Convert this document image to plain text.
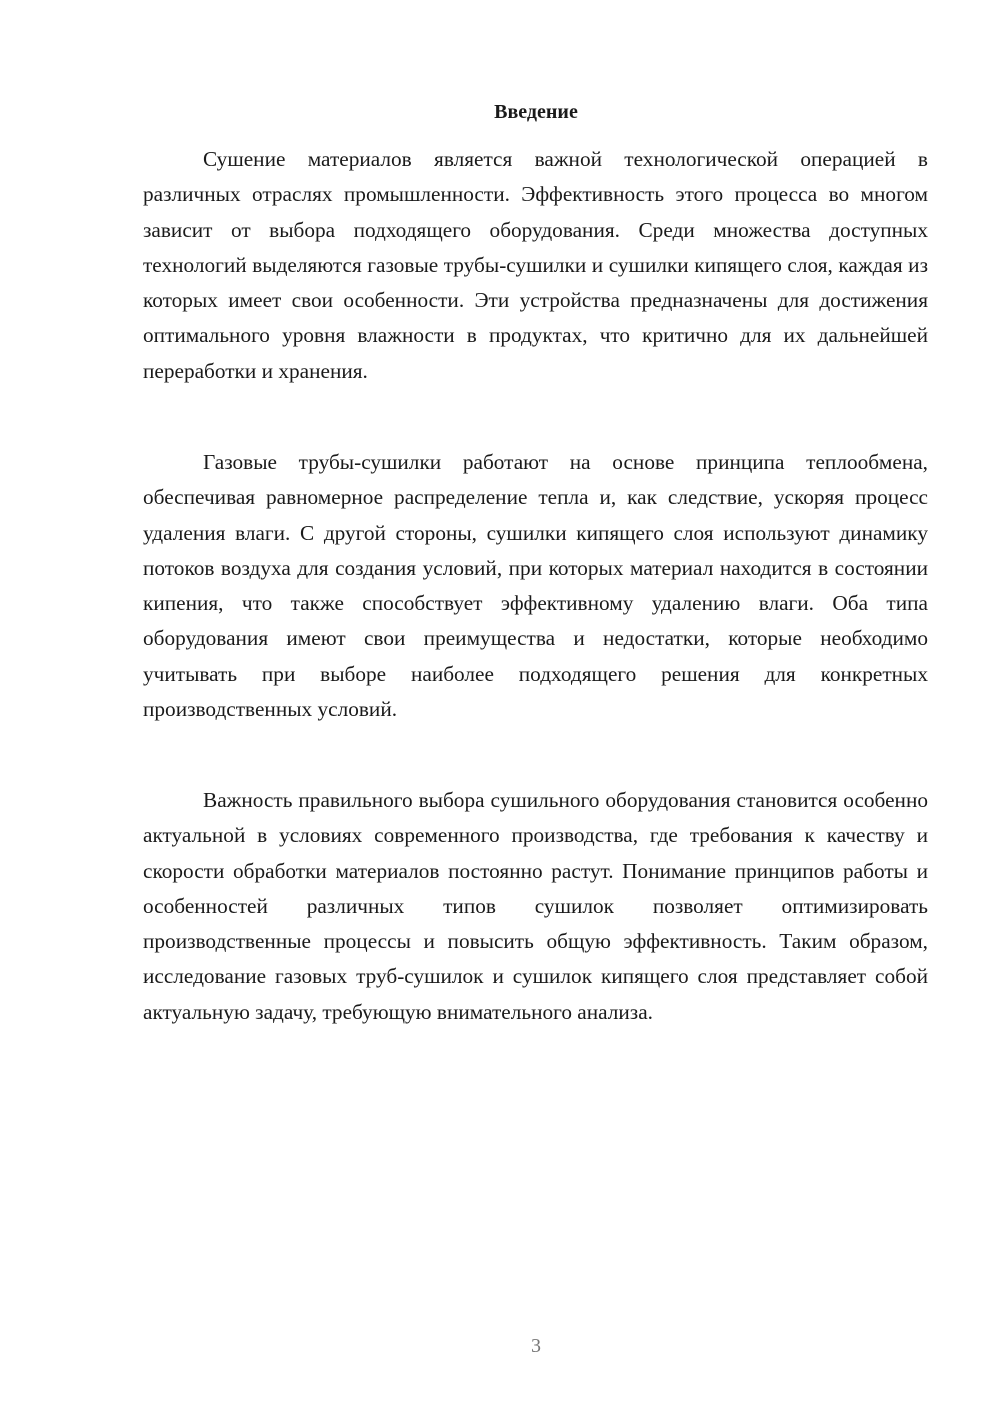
Введение

Сушение материалов является важной технологической операцией в различных отраслях промышленности. Эффективность этого процесса во многом зависит от выбора подходящего оборудования. Среди множества доступных технологий выделяются газовые трубы-сушилки и сушилки кипящего слоя, каждая из которых имеет свои особенности. Эти устройства предназначены для достижения оптимального уровня влажности в продуктах, что критично для их дальнейшей переработки и хранения.

Газовые трубы-сушилки работают на основе принципа теплообмена, обеспечивая равномерное распределение тепла и, как следствие, ускоряя процесс удаления влаги. С другой стороны, сушилки кипящего слоя используют динамику потоков воздуха для создания условий, при которых материал находится в состоянии кипения, что также способствует эффективному удалению влаги. Оба типа оборудования имеют свои преимущества и недостатки, которые необходимо учитывать при выборе наиболее подходящего решения для конкретных производственных условий.

Важность правильного выбора сушильного оборудования становится особенно актуальной в условиях современного производства, где требования к качеству и скорости обработки материалов постоянно растут. Понимание принципов работы и особенностей различных типов сушилок позволяет оптимизировать производственные процессы и повысить общую эффективность. Таким образом, исследование газовых труб-сушилок и сушилок кипящего слоя представляет собой актуальную задачу, требующую внимательного анализа.

3
